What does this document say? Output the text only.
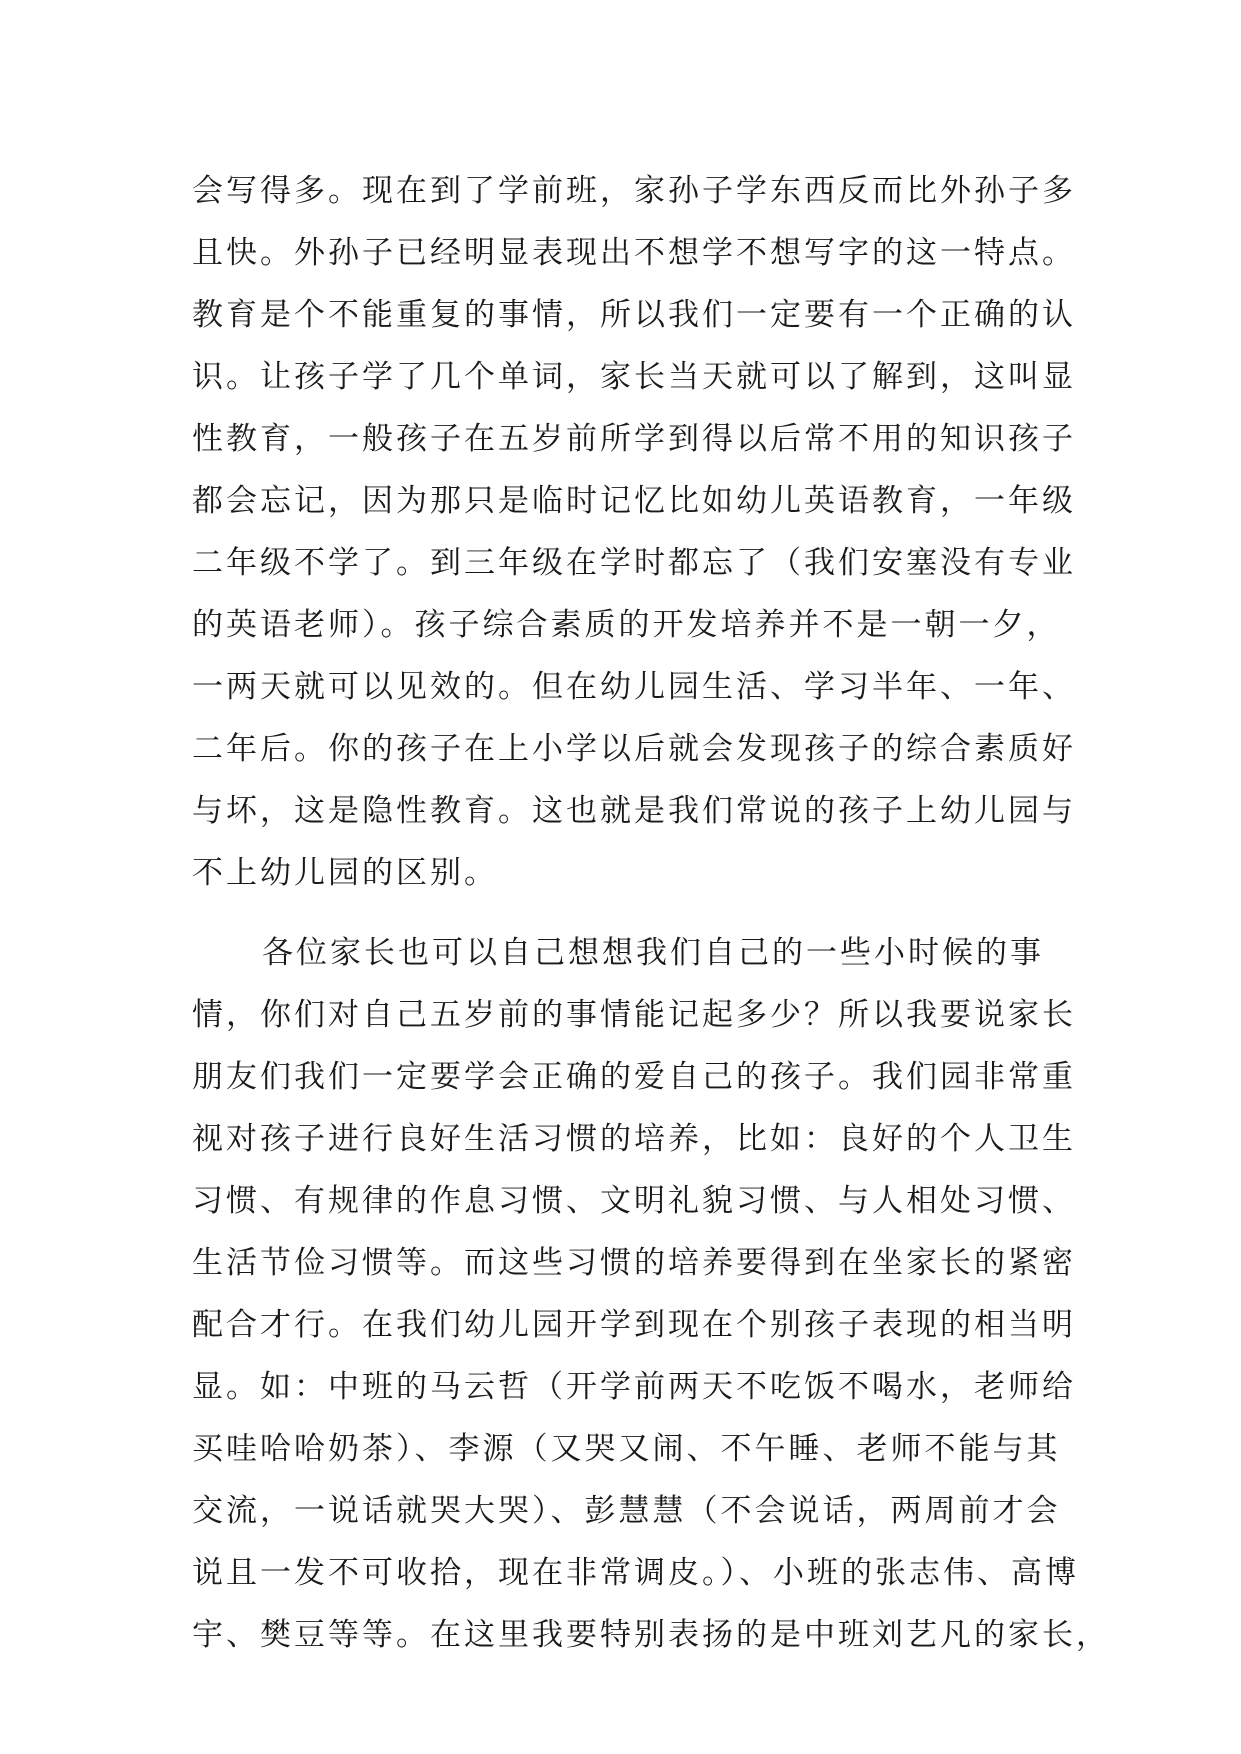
会写得多。现在到了学前班，家孙子学东西反而比外孙子多
且快。外孙子已经明显表现出不想学不想写字的这一特点。
教育是个不能重复的事情，所以我们一定要有一个正确的认
识。让孩子学了几个单词，家长当天就可以了解到，这叫显
性教育，一般孩子在五岁前所学到得以后常不用的知识孩子
都会忘记，因为那只是临时记忆比如幼儿英语教育，一年级
二年级不学了。到三年级在学时都忘了（我们安塞没有专业
的英语老师）。孩子综合素质的开发培养并不是一朝一夕，
一两天就可以见效的。但在幼儿园生活、学习半年、一年、
二年后。你的孩子在上小学以后就会发现孩子的综合素质好
与坏，这是隐性教育。这也就是我们常说的孩子上幼儿园与
不上幼儿园的区别。
各位家长也可以自己想想我们自己的一些小时候的事
情，你们对自己五岁前的事情能记起多少？所以我要说家长
朋友们我们一定要学会正确的爱自己的孩子。我们园非常重
视对孩子进行良好生活习惯的培养，比如：良好的个人卫生
习惯、有规律的作息习惯、文明礼貌习惯、与人相处习惯、
生活节俭习惯等。而这些习惯的培养要得到在坐家长的紧密
配合才行。在我们幼儿园开学到现在个别孩子表现的相当明
显。如：中班的马云哲（开学前两天不吃饭不喝水，老师给
买哇哈哈奶茶）、李源（又哭又闹、不午睡、老师不能与其
交流，一说话就哭大哭）、彭慧慧（不会说话，两周前才会
说且一发不可收拾，现在非常调皮。）、小班的张志伟、高博
宇、樊豆等等。在这里我要特别表扬的是中班刘艺凡的家长，
